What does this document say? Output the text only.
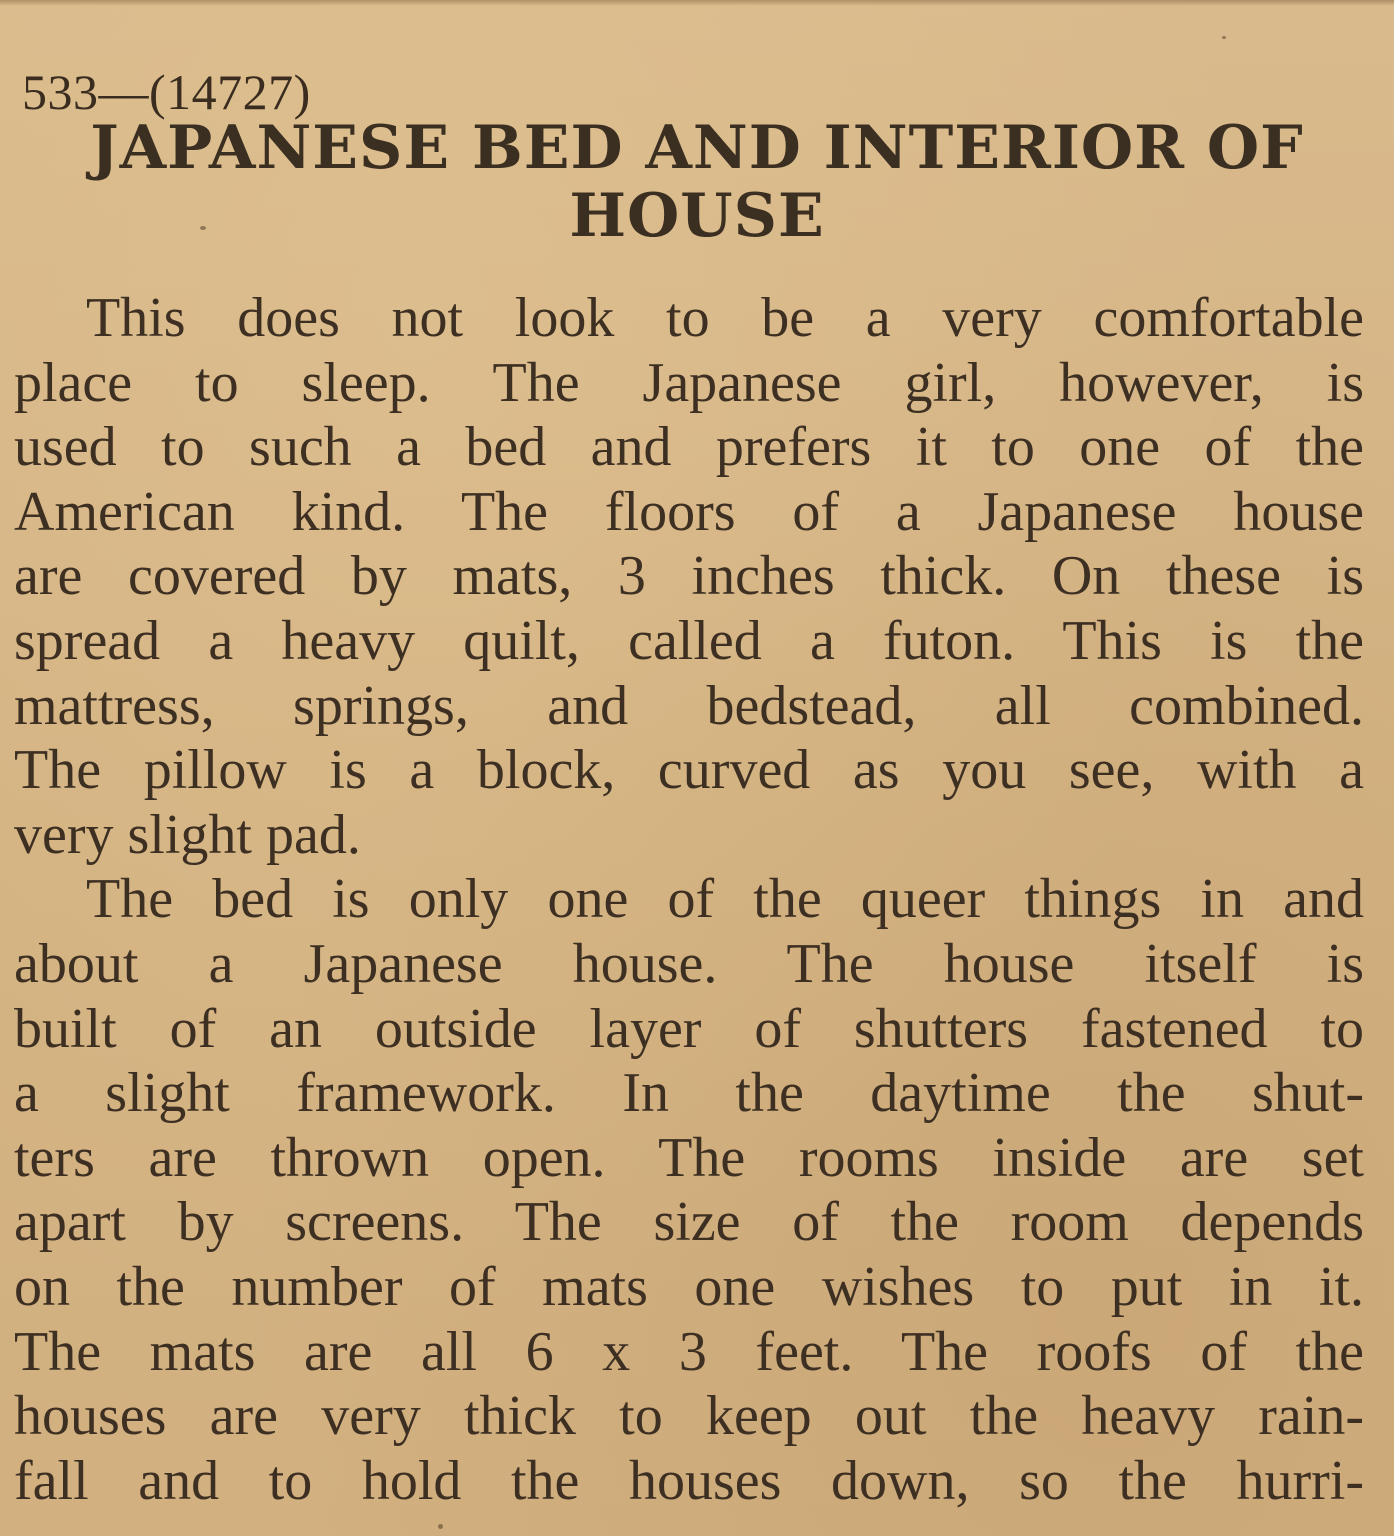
533—(14727)
JAPANESE BED AND INTERIOR OF
HOUSE
This does not look to be a very comfortable
place to sleep. The Japanese girl, however, is
used to such a bed and prefers it to one of the
American kind. The floors of a Japanese house
are covered by mats, 3 inches thick. On these is
spread a heavy quilt, called a futon. This is the
mattress, springs, and bedstead, all combined.
The pillow is a block, curved as you see, with a
very slight pad.
The bed is only one of the queer things in and
about a Japanese house. The house itself is
built of an outside layer of shutters fastened to
a slight framework. In the daytime the shut-
ters are thrown open. The rooms inside are set
apart by screens. The size of the room depends
on the number of mats one wishes to put in it.
The mats are all 6 x 3 feet. The roofs of the
houses are very thick to keep out the heavy rain-
fall and to hold the houses down, so the hurri-
